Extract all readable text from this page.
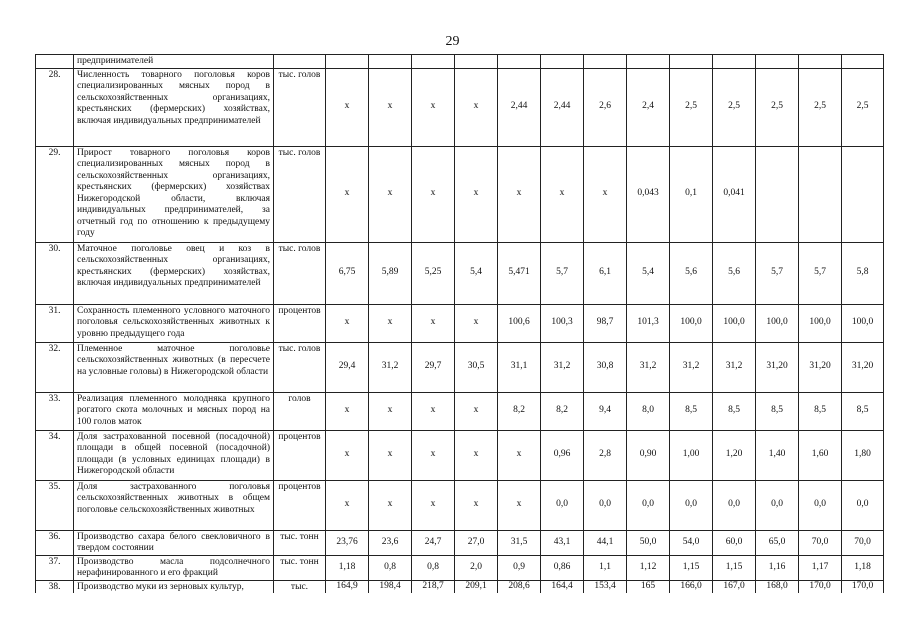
29
	предпринимателей														
28.	Численность товарного поголовья коров специализированных мясных пород в сельскохозяйственных организациях, крестьянских (фермерских) хозяйствах, включая индивидуальных предпринимателей	тыс. голов	x	x	x	x	2,44	2,44	2,6	2,4	2,5	2,5	2,5	2,5	2,5
29.	Прирост товарного поголовья коров специализированных мясных пород в сельскохозяйственных организациях, крестьянских (фермерских) хозяйствах Нижегородской области, включая индивидуальных предпринимателей, за отчетный год по отношению к предыдущему году	тыс. голов	x	x	x	x	x	x	x	0,043	0,1	0,041			
30.	Маточное поголовье овец и коз в сельскохозяйственных организациях, крестьянских (фермерских) хозяйствах, включая индивидуальных предпринимателей	тыс. голов	6,75	5,89	5,25	5,4	5,471	5,7	6,1	5,4	5,6	5,6	5,7	5,7	5,8
31.	Сохранность племенного условного маточного поголовья сельскохозяйственных животных к уровню предыдущего года	процентов	x	x	x	x	100,6	100,3	98,7	101,3	100,0	100,0	100,0	100,0	100,0
32.	Племенное маточное поголовье сельскохозяйственных животных (в пересчете на условные головы) в Нижегородской области	тыс. голов	29,4	31,2	29,7	30,5	31,1	31,2	30,8	31,2	31,2	31,2	31,20	31,20	31,20
33.	Реализация племенного молодняка крупного рогатого скота молочных и мясных пород на 100 голов маток	голов	x	x	x	x	8,2	8,2	9,4	8,0	8,5	8,5	8,5	8,5	8,5
34.	Доля застрахованной посевной (посадочной) площади в общей посевной (посадочной) площади (в условных единицах площади) в Нижегородской области	процентов	x	x	x	x	x	0,96	2,8	0,90	1,00	1,20	1,40	1,60	1,80
35.	Доля застрахованного поголовья сельскохозяйственных животных в общем поголовье сельскохозяйственных животных	процентов	x	x	x	x	x	0,0	0,0	0,0	0,0	0,0	0,0	0,0	0,0
36.	Производство сахара белого свекловичного в твердом состоянии	тыс. тонн	23,76	23,6	24,7	27,0	31,5	43,1	44,1	50,0	54,0	60,0	65,0	70,0	70,0
37.	Производство масла подсолнечного нерафинированного и его фракций	тыс. тонн	1,18	0,8	0,8	2,0	0,9	0,86	1,1	1,12	1,15	1,15	1,16	1,17	1,18
38.	Производство муки из зерновых культур,	тыс.	164,9	198,4	218,7	209,1	208,6	164,4	153,4	165	166,0	167,0	168,0	170,0	170,0
